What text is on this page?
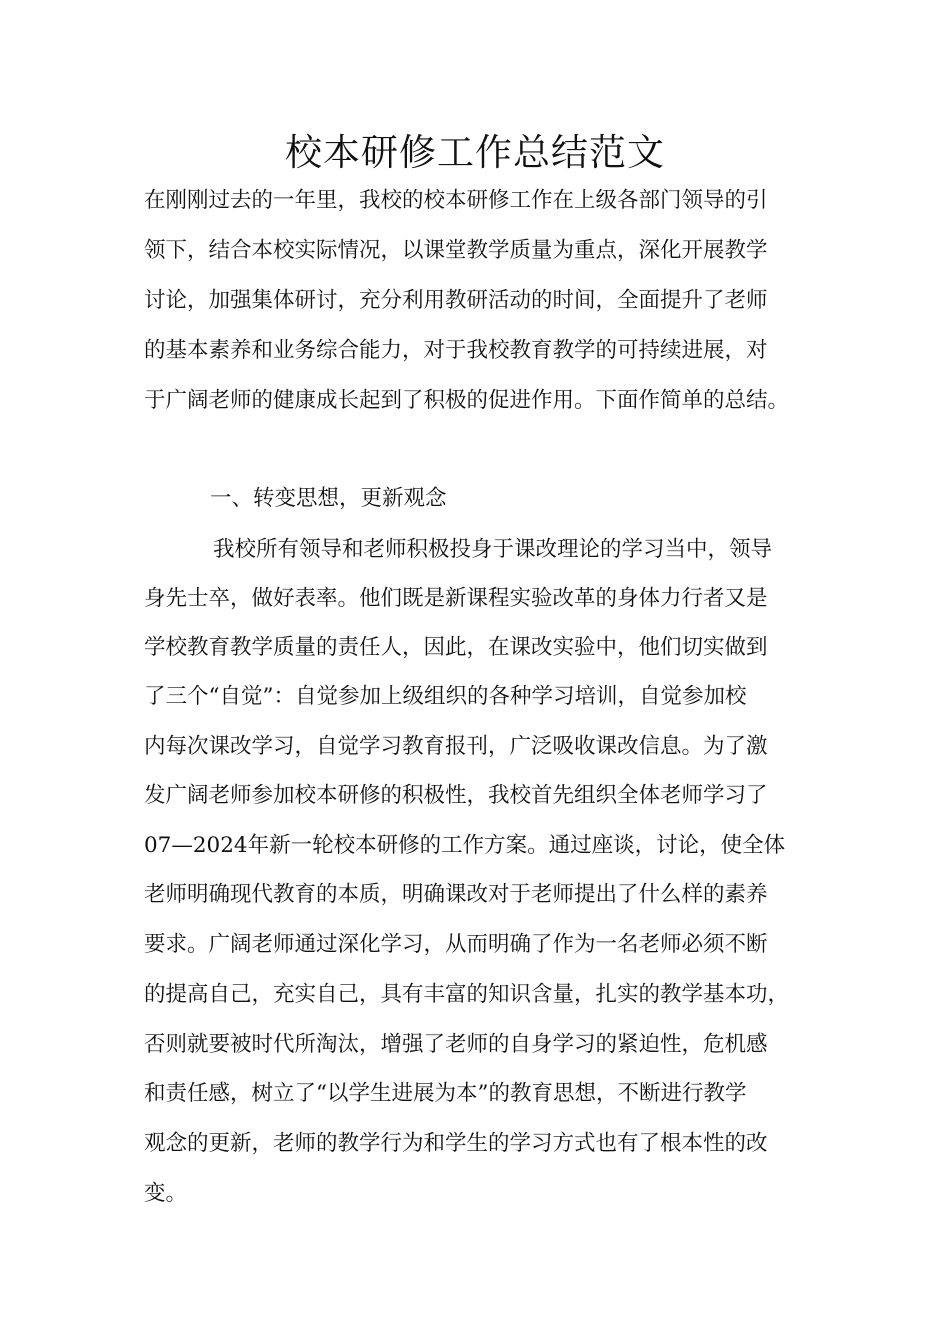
校本研修工作总结范文
在刚刚过去的一年里，我校的校本研修工作在上级各部门领导的引
领下，结合本校实际情况，以课堂教学质量为重点，深化开展教学
讨论，加强集体研讨，充分利用教研活动的时间，全面提升了老师
的基本素养和业务综合能力，对于我校教育教学的可持续进展，对
于广阔老师的健康成长起到了积极的促进作用。下面作简单的总结。
一、转变思想，更新观念
我校所有领导和老师积极投身于课改理论的学习当中，领导
身先士卒，做好表率。他们既是新课程实验改革的身体力行者又是
学校教育教学质量的责任人，因此，在课改实验中，他们切实做到
了三个“自觉”：自觉参加上级组织的各种学习培训，自觉参加校
内每次课改学习，自觉学习教育报刊，广泛吸收课改信息。为了激
发广阔老师参加校本研修的积极性，我校首先组织全体老师学习了
07—2024年新一轮校本研修的工作方案。通过座谈，讨论，使全体
老师明确现代教育的本质，明确课改对于老师提出了什么样的素养
要求。广阔老师通过深化学习，从而明确了作为一名老师必须不断
的提高自己，充实自己，具有丰富的知识含量，扎实的教学基本功，
否则就要被时代所淘汰，增强了老师的自身学习的紧迫性，危机感
和责任感，树立了“以学生进展为本”的教育思想，不断进行教学
观念的更新，老师的教学行为和学生的学习方式也有了根本性的改
变。
